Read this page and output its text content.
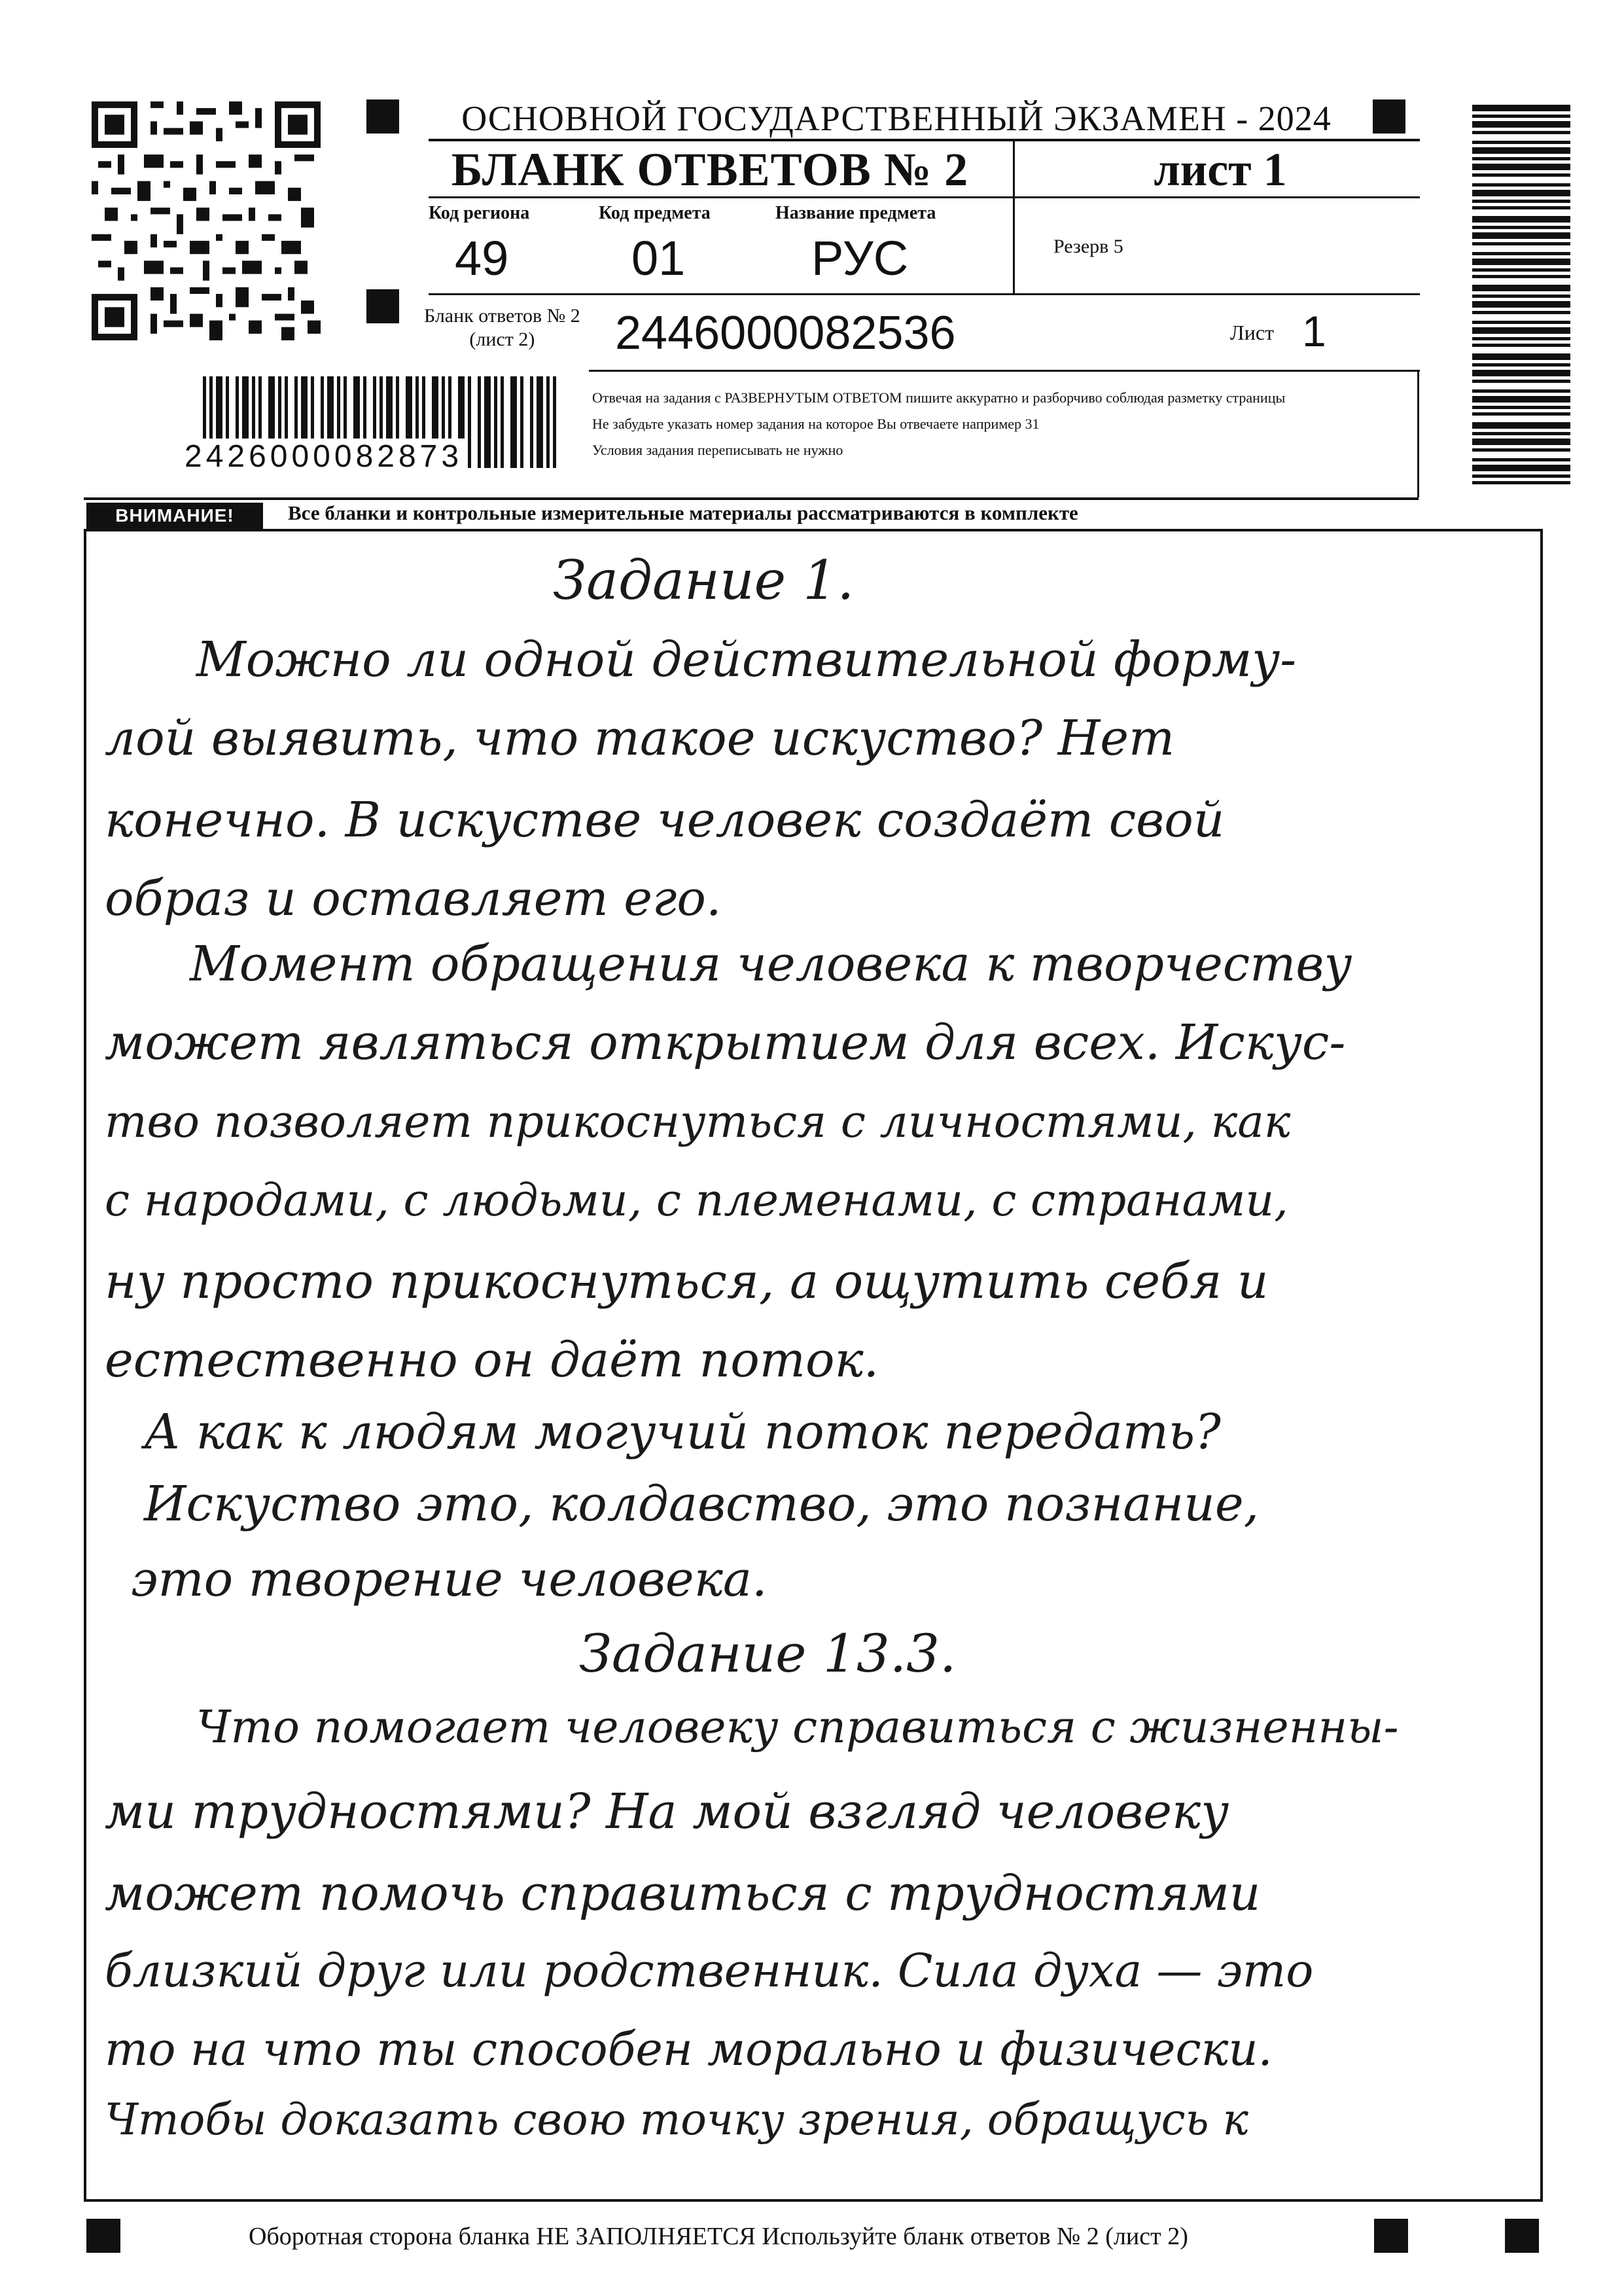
2426000082873
ОСНОВНОЙ ГОСУДАРСТВЕННЫЙ ЭКЗАМЕН - 2024
БЛАНК ОТВЕТОВ № 2	лист 1
Код региона
49
Код предмета
01
Название предмета
РУС	Резерв 5
Бланк ответов № 2
(лист 2)	2446000082536	Лист 1
Отвечая на задания с РАЗВЕРНУТЫМ ОТВЕТОМ пишите аккуратно и разборчиво соблюдая разметку страницы
Не забудьте указать номер задания на которое Вы отвечаете например 31
Условия задания переписывать не нужно
ВНИМАНИЕ!	Все бланки и контрольные измерительные материалы рассматриваются в комплекте
Задание 1.
Можно ли одной действительной форму-
лой выявить, что такое искуство? Нет
конечно. В искустве человек создаёт свой
образ и оставляет его.
Момент обращения человека к творчеству
может являться открытием для всех. Искус-
тво позволяет прикоснуться с личностями, как
с народами, с людьми, с племенами, с странами,
ну просто прикоснуться, а ощутить себя и
естественно он даёт поток.
А как к людям могучий поток передать?
Искуство это, колдавство, это познание,
это творение человека.
Задание 13.3.
Что помогает человеку справиться с жизненны-
ми трудностями? На мой взгляд человеку
может помочь справиться с трудностями
близкий друг или родственник. Сила духа — это
то на что ты способен морально и физически.
Чтобы доказать свою точку зрения, обращусь к
Оборотная сторона бланка НЕ ЗАПОЛНЯЕТСЯ Используйте бланк ответов № 2 (лист 2)
